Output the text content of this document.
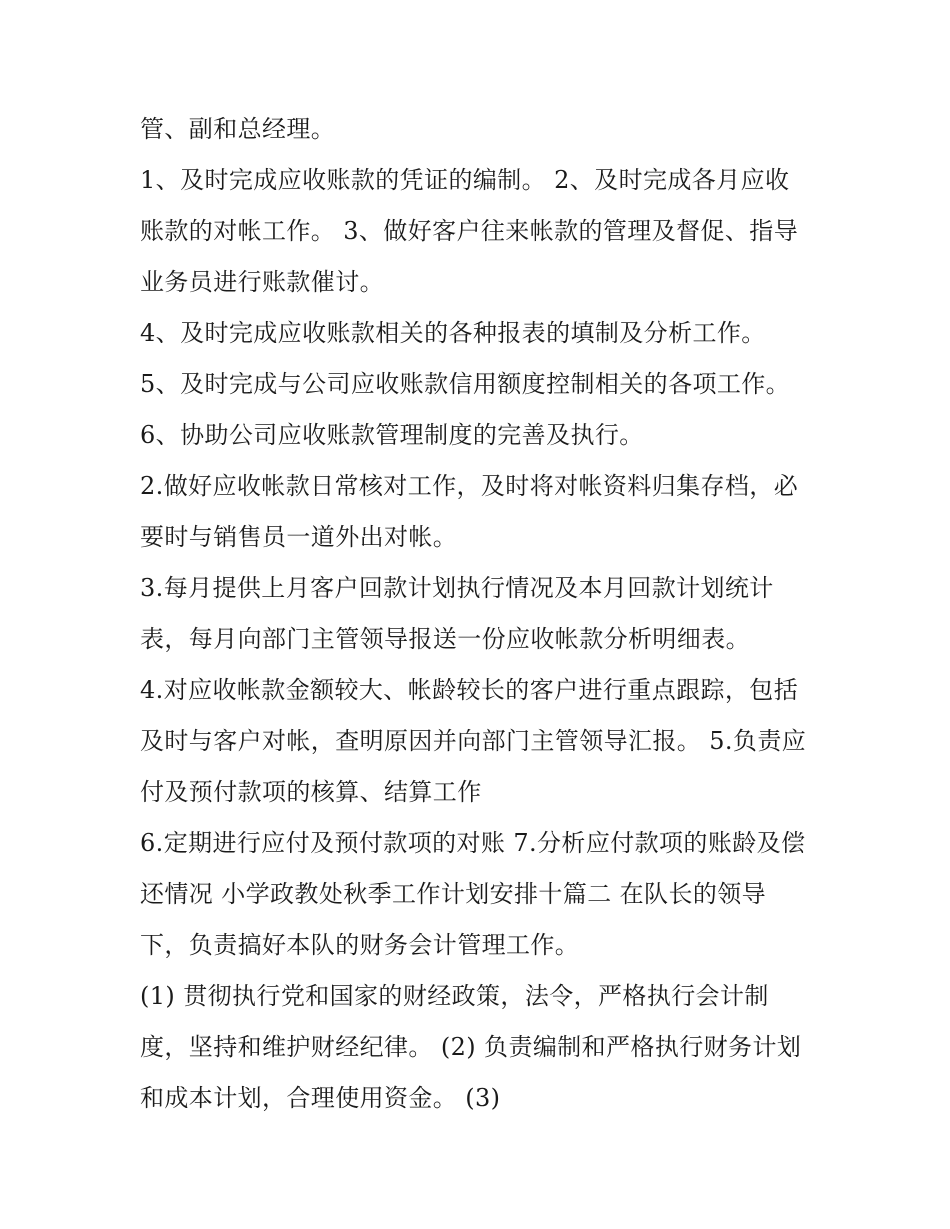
管、副和总经理。
1、及时完成应收账款的凭证的编制。 2、及时完成各月应收
账款的对帐工作。 3、做好客户往来帐款的管理及督促、指导
业务员进行账款催讨。
4、及时完成应收账款相关的各种报表的填制及分析工作。
5、及时完成与公司应收账款信用额度控制相关的各项工作。
6、协助公司应收账款管理制度的完善及执行。
2.做好应收帐款日常核对工作，及时将对帐资料归集存档，必
要时与销售员一道外出对帐。
3.每月提供上月客户回款计划执行情况及本月回款计划统计
表，每月向部门主管领导报送一份应收帐款分析明细表。
4.对应收帐款金额较大、帐龄较长的客户进行重点跟踪，包括
及时与客户对帐，查明原因并向部门主管领导汇报。 5.负责应
付及预付款项的核算、结算工作
6.定期进行应付及预付款项的对账 7.分析应付款项的账龄及偿
还情况 小学政教处秋季工作计划安排十篇二 在队长的领导
下，负责搞好本队的财务会计管理工作。
(1) 贯彻执行党和国家的财经政策，法令，严格执行会计制
度，坚持和维护财经纪律。 (2) 负责编制和严格执行财务计划
和成本计划，合理使用资金。 (3)
